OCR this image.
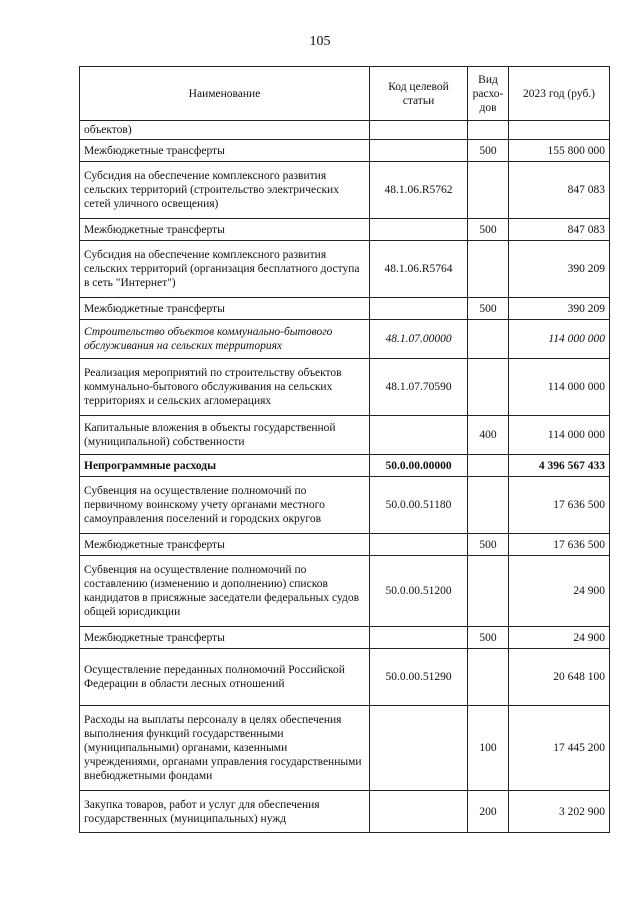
105
Наименование	Код целевой статьи	Вид расхо-дов	2023 год (руб.)
объектов)			
Межбюджетные трансферты		500	155 800 000
Субсидия на обеспечение комплексного развития сельских территорий (строительство электрических сетей уличного освещения)	48.1.06.R5762		847 083
Межбюджетные трансферты		500	847 083
Субсидия на обеспечение комплексного развития сельских территорий (организация бесплатного доступа в сеть "Интернет")	48.1.06.R5764		390 209
Межбюджетные трансферты		500	390 209
Строительство объектов коммунально-бытового обслуживания на сельских территориях	48.1.07.00000		114 000 000
Реализация мероприятий по строительству объектов коммунально-бытового обслуживания на сельских территориях и сельских агломерациях	48.1.07.70590		114 000 000
Капитальные вложения в объекты государственной (муниципальной) собственности		400	114 000 000
Непрограммные расходы	50.0.00.00000		4 396 567 433
Субвенция на осуществление полномочий по первичному воинскому учету органами местного самоуправления поселений и городских округов	50.0.00.51180		17 636 500
Межбюджетные трансферты		500	17 636 500
Субвенция на осуществление полномочий по составлению (изменению и дополнению) списков кандидатов в присяжные заседатели федеральных судов общей юрисдикции	50.0.00.51200		24 900
Межбюджетные трансферты		500	24 900
Осуществление переданных полномочий Российской Федерации в области лесных отношений	50.0.00.51290		20 648 100
Расходы на выплаты персоналу в целях обеспечения выполнения функций государственными (муниципальными) органами, казенными учреждениями, органами управления государственными внебюджетными фондами		100	17 445 200
Закупка товаров, работ и услуг для обеспечения государственных (муниципальных) нужд		200	3 202 900
